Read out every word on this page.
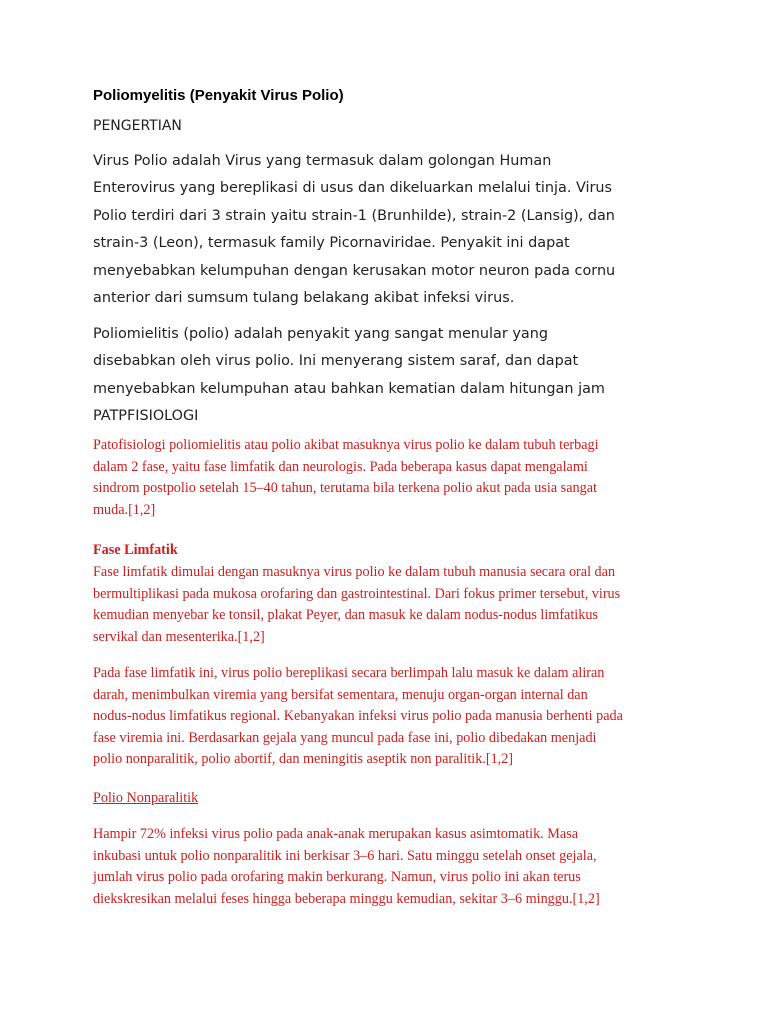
Poliomyelitis (Penyakit Virus Polio)
PENGERTIAN
Virus Polio adalah Virus yang termasuk dalam golongan Human
Enterovirus yang bereplikasi di usus dan dikeluarkan melalui tinja. Virus
Polio terdiri dari 3 strain yaitu strain-1 (Brunhilde), strain-2 (Lansig), dan
strain-3 (Leon), termasuk family Picornaviridae. Penyakit ini dapat
menyebabkan kelumpuhan dengan kerusakan motor neuron pada cornu
anterior dari sumsum tulang belakang akibat infeksi virus.
Poliomielitis (polio) adalah penyakit yang sangat menular yang
disebabkan oleh virus polio. Ini menyerang sistem saraf, dan dapat
menyebabkan kelumpuhan atau bahkan kematian dalam hitungan jam
PATPFISIOLOGI
Patofisiologi poliomielitis atau polio akibat masuknya virus polio ke dalam tubuh terbagi
dalam 2 fase, yaitu fase limfatik dan neurologis. Pada beberapa kasus dapat mengalami
sindrom postpolio setelah 15–40 tahun, terutama bila terkena polio akut pada usia sangat
muda.[1,2]
Fase Limfatik
Fase limfatik dimulai dengan masuknya virus polio ke dalam tubuh manusia secara oral dan
bermultiplikasi pada mukosa orofaring dan gastrointestinal. Dari fokus primer tersebut, virus
kemudian menyebar ke tonsil, plakat Peyer, dan masuk ke dalam nodus-nodus limfatikus
servikal dan mesenterika.[1,2]
Pada fase limfatik ini, virus polio bereplikasi secara berlimpah lalu masuk ke dalam aliran
darah, menimbulkan viremia yang bersifat sementara, menuju organ-organ internal dan
nodus-nodus limfatikus regional. Kebanyakan infeksi virus polio pada manusia berhenti pada
fase viremia ini. Berdasarkan gejala yang muncul pada fase ini, polio dibedakan menjadi
polio nonparalitik, polio abortif, dan meningitis aseptik non paralitik.[1,2]
Polio Nonparalitik
Hampir 72% infeksi virus polio pada anak-anak merupakan kasus asimtomatik. Masa
inkubasi untuk polio nonparalitik ini berkisar 3–6 hari. Satu minggu setelah onset gejala,
jumlah virus polio pada orofaring makin berkurang. Namun, virus polio ini akan terus
diekskresikan melalui feses hingga beberapa minggu kemudian, sekitar 3–6 minggu.[1,2]
